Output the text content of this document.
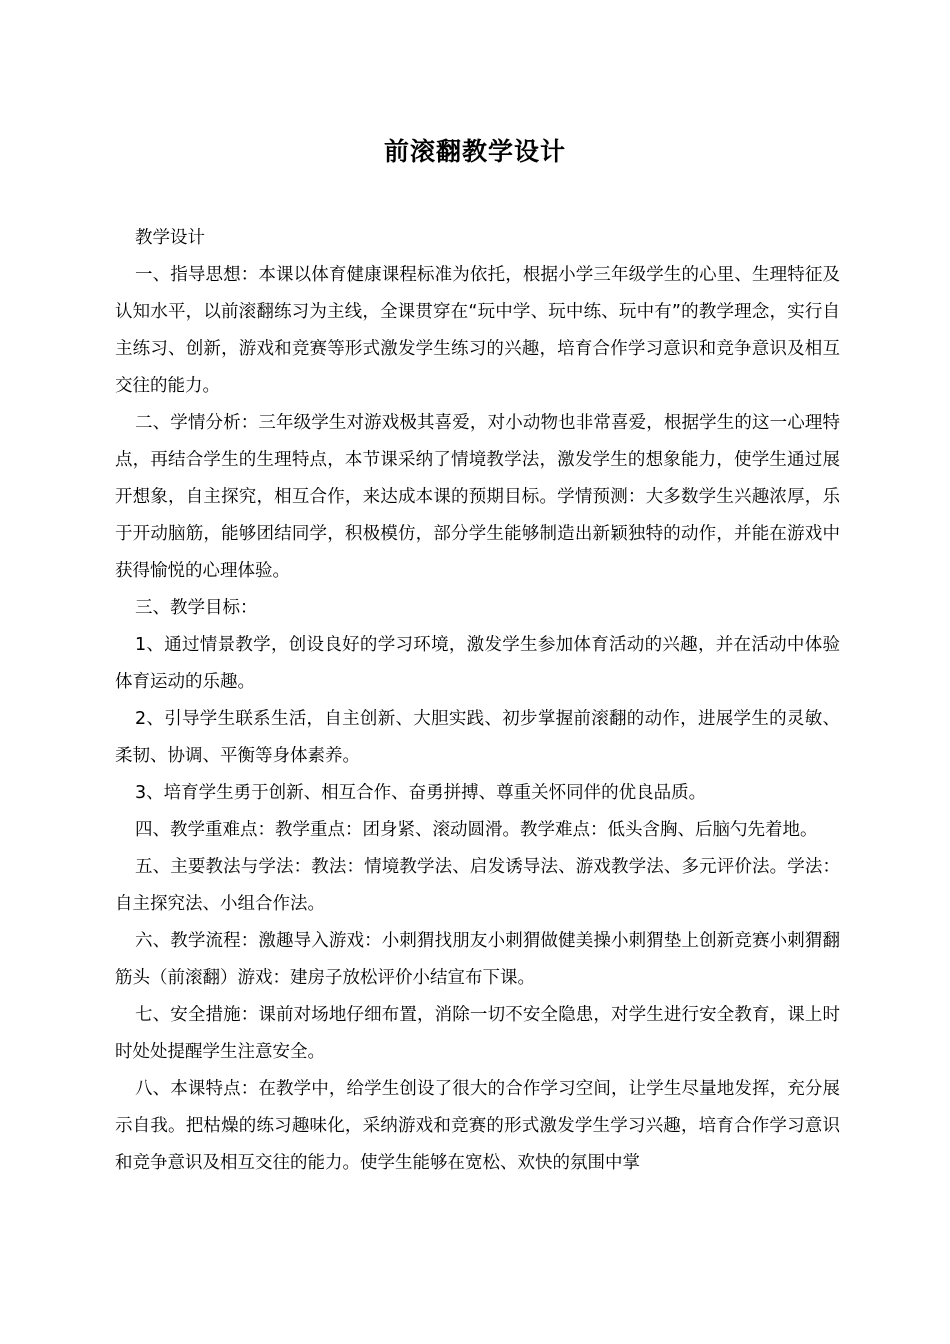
前滚翻教学设计

教学设计

一、指导思想：本课以体育健康课程标准为依托，根据小学三年级学生的心里、生理特征及认知水平，以前滚翻练习为主线，全课贯穿在“玩中学、玩中练、玩中有”的教学理念，实行自主练习、创新，游戏和竞赛等形式激发学生练习的兴趣，培育合作学习意识和竞争意识及相互交往的能力。

二、学情分析：三年级学生对游戏极其喜爱，对小动物也非常喜爱，根据学生的这一心理特点，再结合学生的生理特点，本节课采纳了情境教学法，激发学生的想象能力，使学生通过展开想象，自主探究，相互合作，来达成本课的预期目标。学情预测：大多数学生兴趣浓厚，乐于开动脑筋，能够团结同学，积极模仿，部分学生能够制造出新颖独特的动作，并能在游戏中获得愉悦的心理体验。

三、教学目标：

1、通过情景教学，创设良好的学习环境，激发学生参加体育活动的兴趣，并在活动中体验体育运动的乐趣。

2、引导学生联系生活，自主创新、大胆实践、初步掌握前滚翻的动作，进展学生的灵敏、柔韧、协调、平衡等身体素养。

3、培育学生勇于创新、相互合作、奋勇拼搏、尊重关怀同伴的优良品质。

四、教学重难点：教学重点：团身紧、滚动圆滑。教学难点：低头含胸、后脑勺先着地。

五、主要教法与学法：教法：情境教学法、启发诱导法、游戏教学法、多元评价法。学法：自主探究法、小组合作法。

六、教学流程：激趣导入游戏：小刺猬找朋友小刺猬做健美操小刺猬垫上创新竞赛小刺猬翻筋头（前滚翻）游戏：建房子放松评价小结宣布下课。

七、安全措施：课前对场地仔细布置，消除一切不安全隐患，对学生进行安全教育，课上时时处处提醒学生注意安全。

八、本课特点：在教学中，给学生创设了很大的合作学习空间，让学生尽量地发挥，充分展示自我。把枯燥的练习趣味化，采纳游戏和竞赛的形式激发学生学习兴趣，培育合作学习意识和竞争意识及相互交往的能力。使学生能够在宽松、欢快的氛围中掌
